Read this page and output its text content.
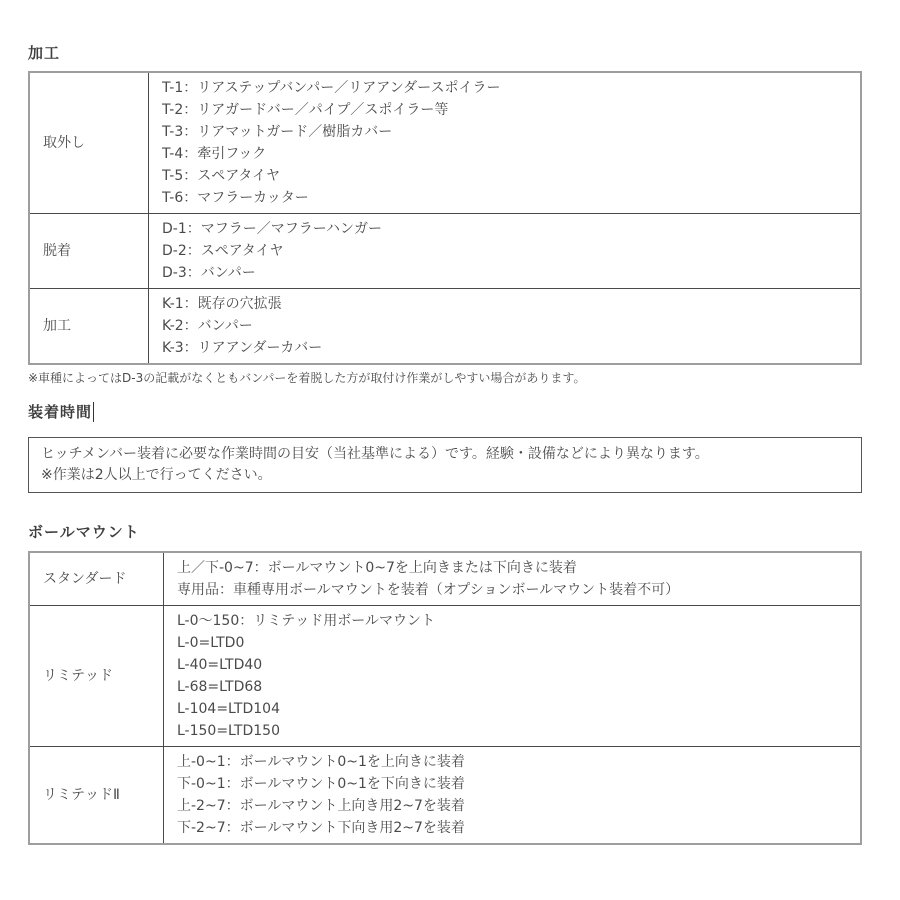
加工
取外し
T-1：リアステップバンパー／リアアンダースポイラー
T-2：リアガードバー／パイプ／スポイラー等
T-3：リアマットガード／樹脂カバー
T-4：牽引フック
T-5：スペアタイヤ
T-6：マフラーカッター
脱着
D-1：マフラー／マフラーハンガー
D-2：スペアタイヤ
D-3：バンパー
加工
K-1：既存の穴拡張
K-2：バンパー
K-3：リアアンダーカバー
※車種によってはD-3の記載がなくともバンパーを着脱した方が取付け作業がしやすい場合があります。
装着時間
ヒッチメンバー装着に必要な作業時間の目安（当社基準による）です。経験・設備などにより異なります。
※作業は2人以上で行ってください。
ボールマウント
スタンダード
上／下-0~7：ボールマウント0~7を上向きまたは下向きに装着
専用品：車種専用ボールマウントを装着（オプションボールマウント装着不可）
リミテッド
L-0～150：リミテッド用ボールマウント
L-0=LTD0
L-40=LTD40
L-68=LTD68
L-104=LTD104
L-150=LTD150
リミテッドⅡ
上-0~1：ボールマウント0~1を上向きに装着
下-0~1：ボールマウント0~1を下向きに装着
上-2~7：ボールマウント上向き用2~7を装着
下-2~7：ボールマウント下向き用2~7を装着
